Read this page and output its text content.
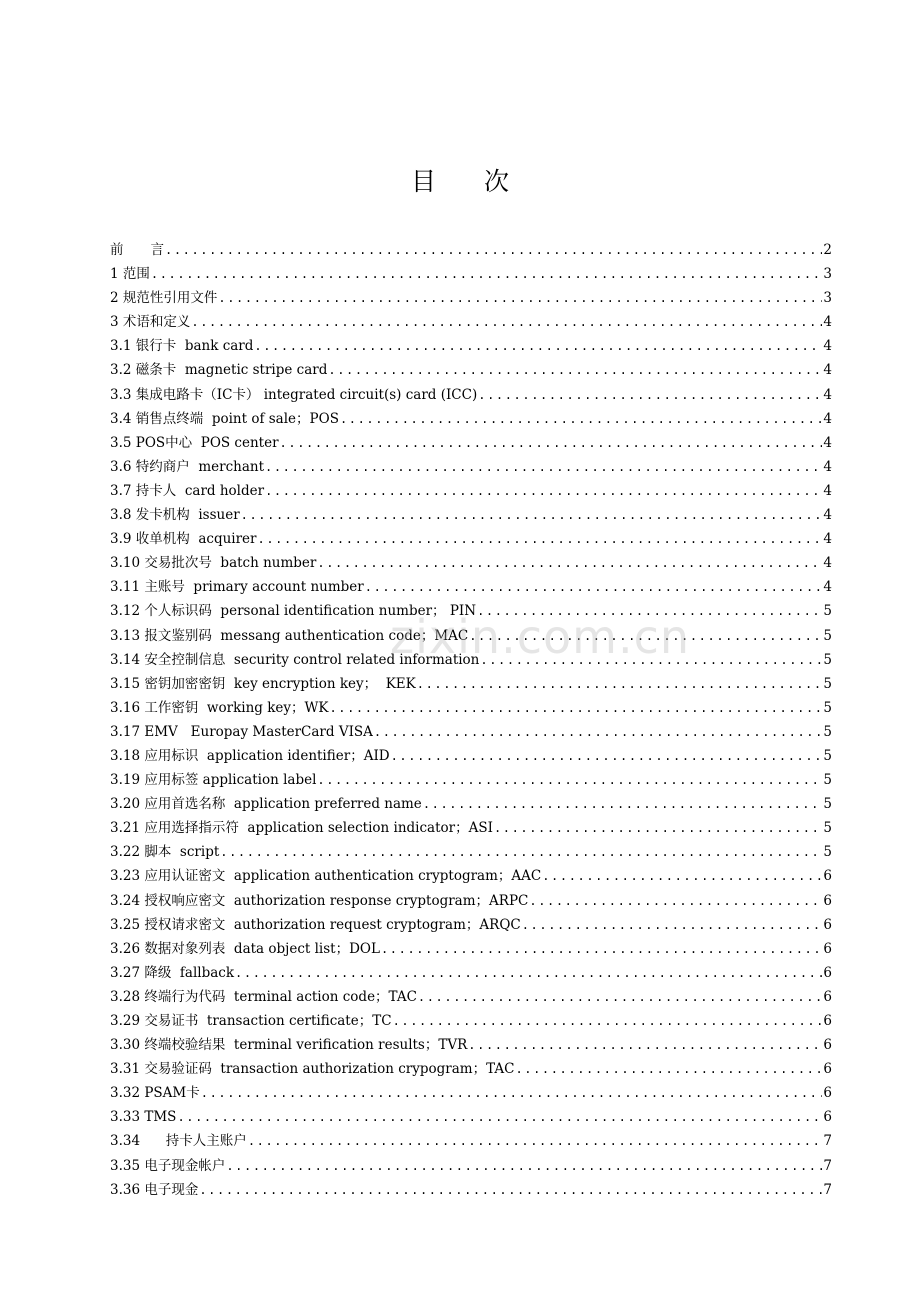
目 次
前　　言 .....	2
1 范围 .....	3
2 规范性引用文件 .....	3
3 术语和定义 .....	4
3.1 银行卡  bank card .....	4
3.2 磁条卡  magnetic stripe card .....	4
3.3 集成电路卡（IC卡） integrated circuit(s) card (ICC) .....	4
3.4 销售点终端  point of sale；POS .....	4
3.5 POS中心  POS center .....	4
3.6 特约商户  merchant .....	4
3.7 持卡人  card holder .....	4
3.8 发卡机构  issuer .....	4
3.9 收单机构  acquirer .....	4
3.10 交易批次号  batch number .....	4
3.11 主账号  primary account number .....	4
3.12 个人标识码  personal identification number； PIN .....	5
3.13 报文鉴别码  messang authentication code；MAC .....	5
3.14 安全控制信息  security control related information .....	5
3.15 密钥加密密钥  key encryption key；  KEK .....	5
3.16 工作密钥  working key；WK .....	5
3.17 EMV   Europay MasterCard VISA .....	5
3.18 应用标识  application identifier；AID .....	5
3.19 应用标签 application label .....	5
3.20 应用首选名称  application preferred name .....	5
3.21 应用选择指示符  application selection indicator；ASI .....	5
3.22 脚本  script .....	5
3.23 应用认证密文  application authentication cryptogram；AAC .....	6
3.24 授权响应密文  authorization response cryptogram；ARPC .....	6
3.25 授权请求密文  authorization request cryptogram；ARQC .....	6
3.26 数据对象列表  data object list；DOL .....	6
3.27 降级  fallback .....	6
3.28 终端行为代码  terminal action code；TAC .....	6
3.29 交易证书  transaction certificate；TC .....	6
3.30 终端校验结果  terminal verification results；TVR .....	6
3.31 交易验证码  transaction authorization crypogram；TAC .....	6
3.32 PSAM卡 .....	6
3.33 TMS .....	6
3.34      持卡人主账户 .....	7
3.35 电子现金帐户 .....	7
3.36 电子现金 .....	7
zixin.com.cn
